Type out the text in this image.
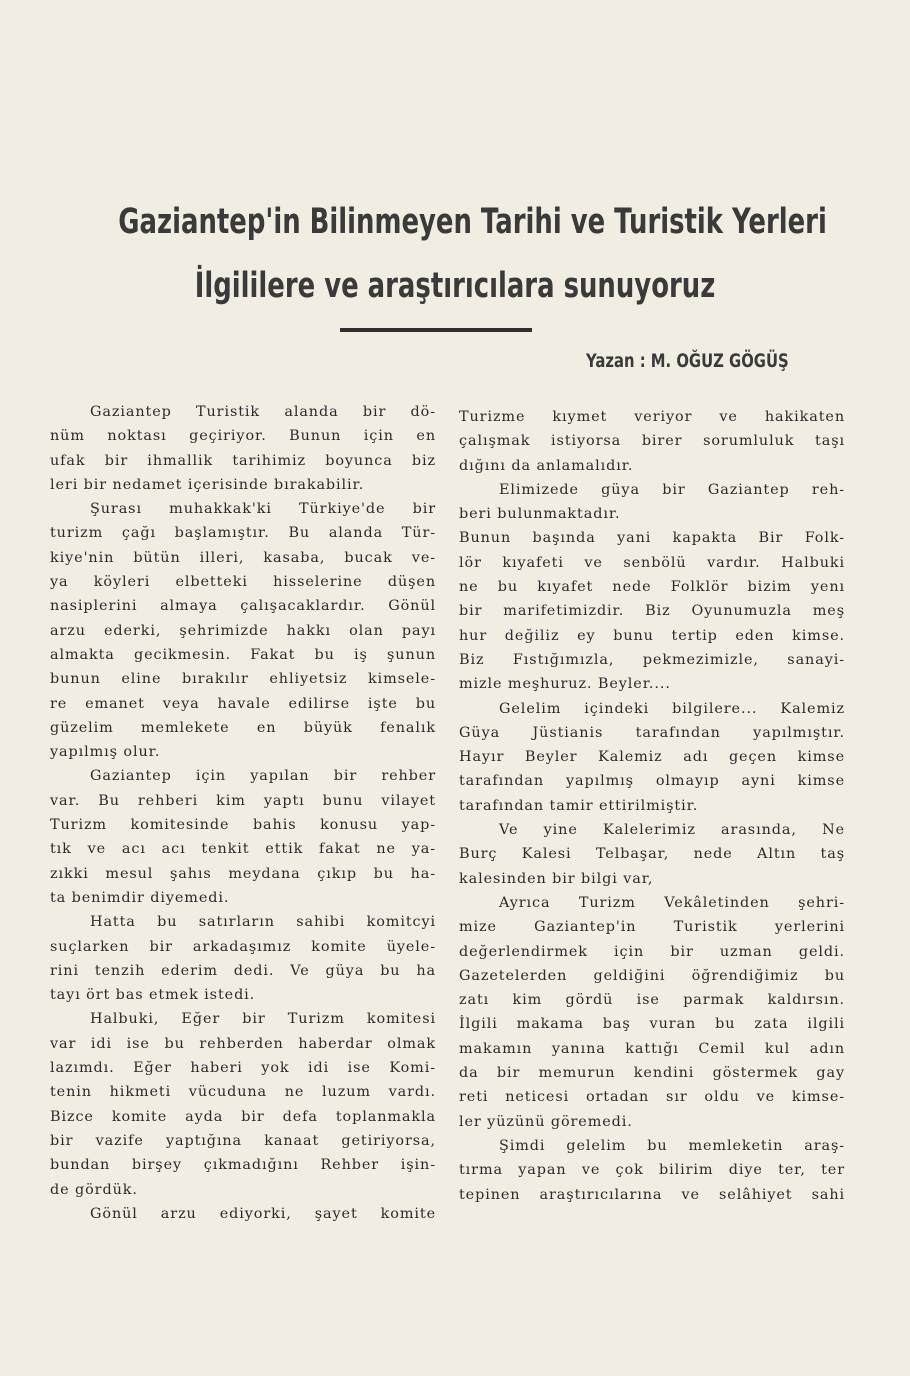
Gaziantep'in Bilinmeyen Tarihi ve Turistik Yerleri
İlgililere ve araştırıcılara sunuyoruz
Yazan : M. OĞUZ GÖGÜŞ
Gaziantep Turistik alanda bir dö-
nüm noktası geçiriyor. Bunun için en
ufak bir ihmallik tarihimiz boyunca biz
leri bir nedamet içerisinde bırakabilir.
Şurası muhakkak'ki Türkiye'de bir
turizm çağı başlamıştır. Bu alanda Tür-
kiye'nin bütün illeri, kasaba, bucak ve-
ya köyleri elbetteki hisselerine düşen
nasiplerini almaya çalışacaklardır. Gönül
arzu ederki, şehrimizde hakkı olan payı
almakta gecikmesin. Fakat bu iş şunun
bunun eline bırakılır ehliyetsiz kimsele-
re emanet veya havale edilirse işte bu
güzelim memlekete en büyük fenalık
yapılmış olur.
Gaziantep için yapılan bir rehber
var. Bu rehberi kim yaptı bunu vilayet
Turizm komitesinde bahis konusu yap-
tık ve acı acı tenkit ettik fakat ne ya-
zıkki mesul şahıs meydana çıkıp bu ha-
ta benimdir diyemedi.
Hatta bu satırların sahibi komitcyi
suçlarken bir arkadaşımız komite üyele-
rini tenzih ederim dedi. Ve güya bu ha
tayı ört bas etmek istedi.
Halbuki, Eğer bir Turizm komitesi
var idi ise bu rehberden haberdar olmak
lazımdı. Eğer haberi yok idi ise Komi-
tenin hikmeti vücuduna ne luzum vardı.
Bizce komite ayda bir defa toplanmakla
bir vazife yaptığına kanaat getiriyorsa,
bundan birşey çıkmadığını Rehber işin-
de gördük.
Gönül arzu ediyorki, şayet komite
Turizme kıymet veriyor ve hakikaten
çalışmak istiyorsa birer sorumluluk taşı
dığını da anlamalıdır.
Elimizede güya bir Gaziantep reh-
beri bulunmaktadır.
Bunun başında yani kapakta Bir Folk-
lör kıyafeti ve senbölü vardır. Halbuki
ne bu kıyafet nede Folklör bizim yenı
bir marifetimizdir. Biz Oyunumuzla meş
hur değiliz ey bunu tertip eden kimse.
Biz Fıstığımızla, pekmezimizle, sanayi-
mizle meşhuruz. Beyler....
Gelelim içindeki bilgilere... Kalemiz
Güya Jüstianis tarafından yapılmıştır.
Hayır Beyler Kalemiz adı geçen kimse
tarafından yapılmış olmayıp ayni kimse
tarafından tamir ettirilmiştir.
Ve yine Kalelerimiz arasında, Ne
Burç Kalesi Telbaşar, nede Altın taş
kalesinden bir bilgi var,
Ayrıca Turizm Vekâletinden şehri-
mize Gaziantep'in Turistik yerlerini
değerlendirmek için bir uzman geldi.
Gazetelerden geldiğini öğrendiğimiz bu
zatı kim gördü ise parmak kaldırsın.
İlgili makama baş vuran bu zata ilgili
makamın yanına kattığı Cemil kul adın
da bir memurun kendini göstermek gay
reti neticesi ortadan sır oldu ve kimse-
ler yüzünü göremedi.
Şimdi gelelim bu memleketin araş-
tırma yapan ve çok bilirim diye ter, ter
tepinen araştırıcılarına ve selâhiyet sahi
